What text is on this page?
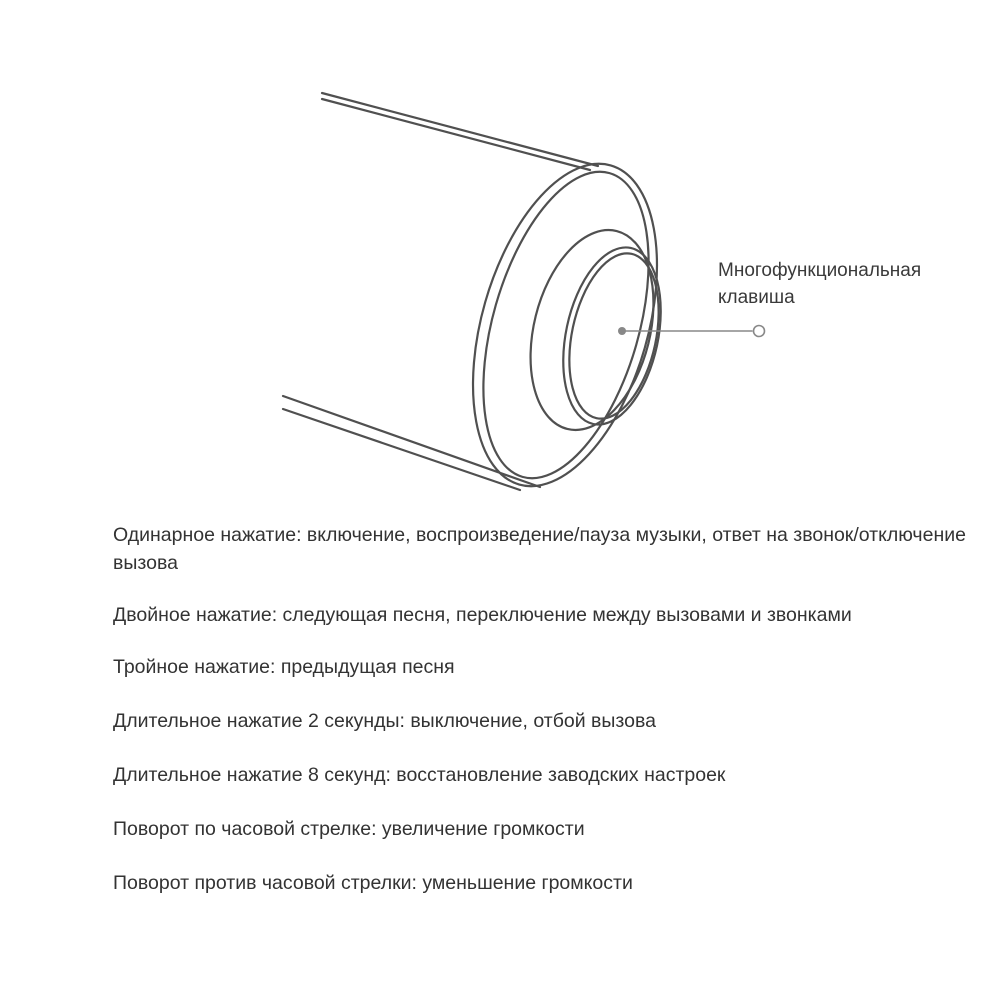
Многофункциональная
клавиша
Одинарное нажатие: включение, воспроизведение/пауза музыки, ответ на звонок/отключение вызова
Двойное нажатие: следующая песня, переключение между вызовами и звонками
Тройное нажатие: предыдущая песня
Длительное нажатие 2 секунды: выключение, отбой вызова
Длительное нажатие 8 секунд: восстановление заводских настроек
Поворот по часовой стрелке: увеличение громкости
Поворот против часовой стрелки: уменьшение громкости
